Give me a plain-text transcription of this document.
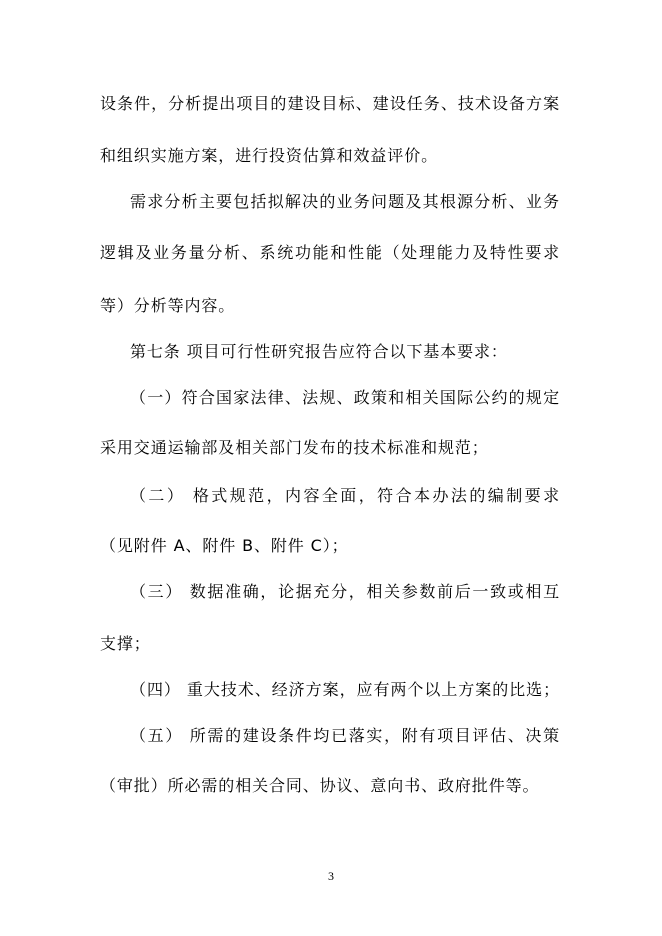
设条件，分析提出项目的建设目标、建设任务、技术设备方案
和组织实施方案，进行投资估算和效益评价。
需求分析主要包括拟解决的业务问题及其根源分析、业务
逻辑及业务量分析、系统功能和性能（处理能力及特性要求
等）分析等内容。
第七条 项目可行性研究报告应符合以下基本要求：
（一）符合国家法律、法规、政策和相关国际公约的规定
采用交通运输部及相关部门发布的技术标准和规范；
（二） 格式规范，内容全面，符合本办法的编制要求
（见附件 A、附件 B、附件 C）；
（三） 数据准确，论据充分，相关参数前后一致或相互
支撑；
（四） 重大技术、经济方案，应有两个以上方案的比选；
（五） 所需的建设条件均已落实，附有项目评估、决策
（审批）所必需的相关合同、协议、意向书、政府批件等。
3
